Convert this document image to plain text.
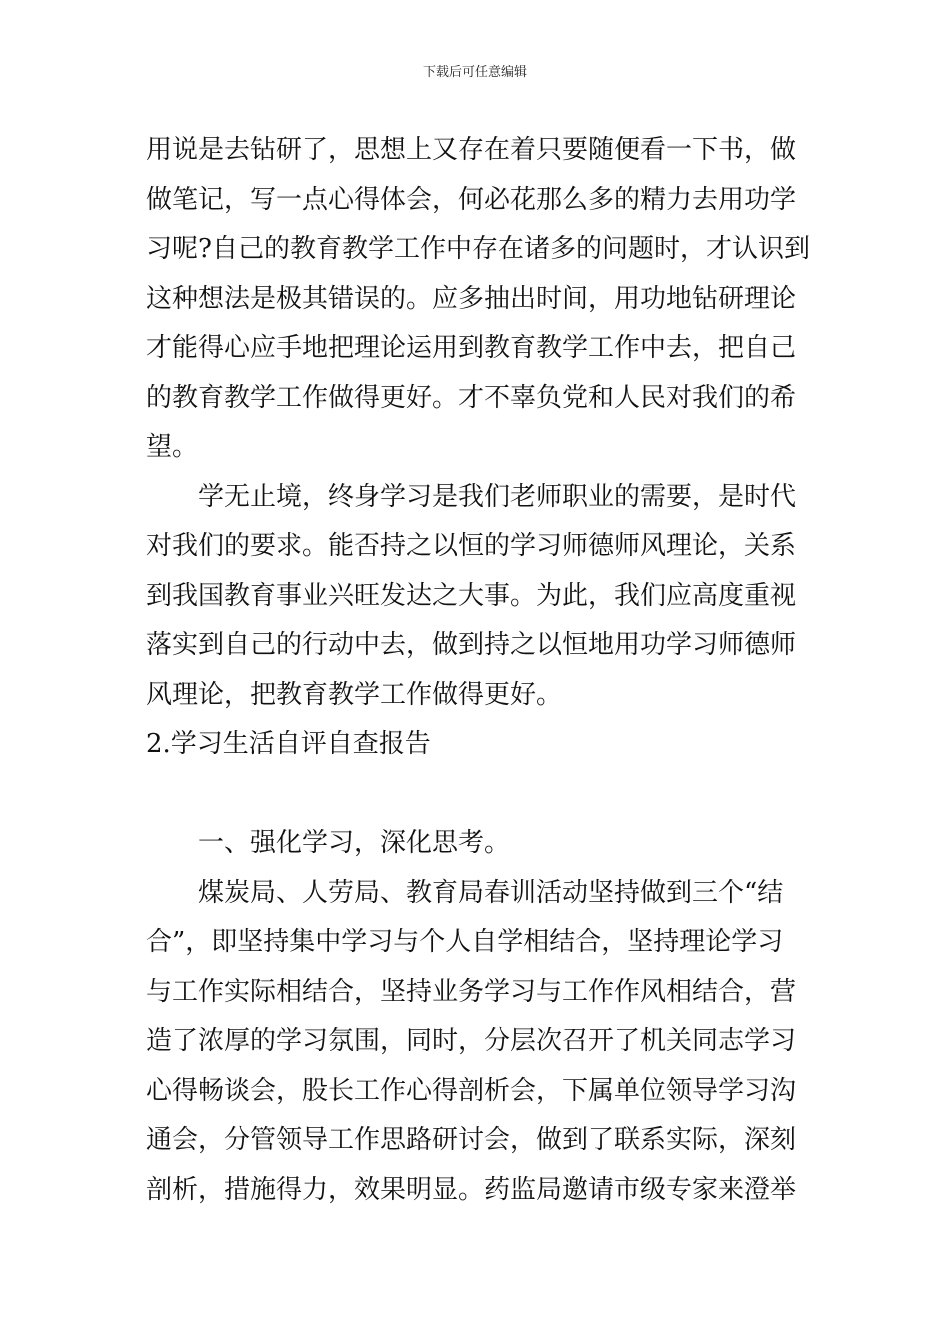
下载后可任意编辑
用说是去钻研了，思想上又存在着只要随便看一下书，做
做笔记，写一点心得体会，何必花那么多的精力去用功学
习呢?自己的教育教学工作中存在诸多的问题时，才认识到
这种想法是极其错误的。应多抽出时间，用功地钻研理论
才能得心应手地把理论运用到教育教学工作中去，把自己
的教育教学工作做得更好。才不辜负党和人民对我们的希
望。
学无止境，终身学习是我们老师职业的需要，是时代
对我们的要求。能否持之以恒的学习师德师风理论，关系
到我国教育事业兴旺发达之大事。为此，我们应高度重视
落实到自己的行动中去，做到持之以恒地用功学习师德师
风理论，把教育教学工作做得更好。
2.学习生活自评自查报告
一、强化学习，深化思考。
煤炭局、人劳局、教育局春训活动坚持做到三个“结
合”，即坚持集中学习与个人自学相结合，坚持理论学习
与工作实际相结合，坚持业务学习与工作作风相结合，营
造了浓厚的学习氛围，同时，分层次召开了机关同志学习
心得畅谈会，股长工作心得剖析会，下属单位领导学习沟
通会，分管领导工作思路研讨会，做到了联系实际，深刻
剖析，措施得力，效果明显。药监局邀请市级专家来澄举
